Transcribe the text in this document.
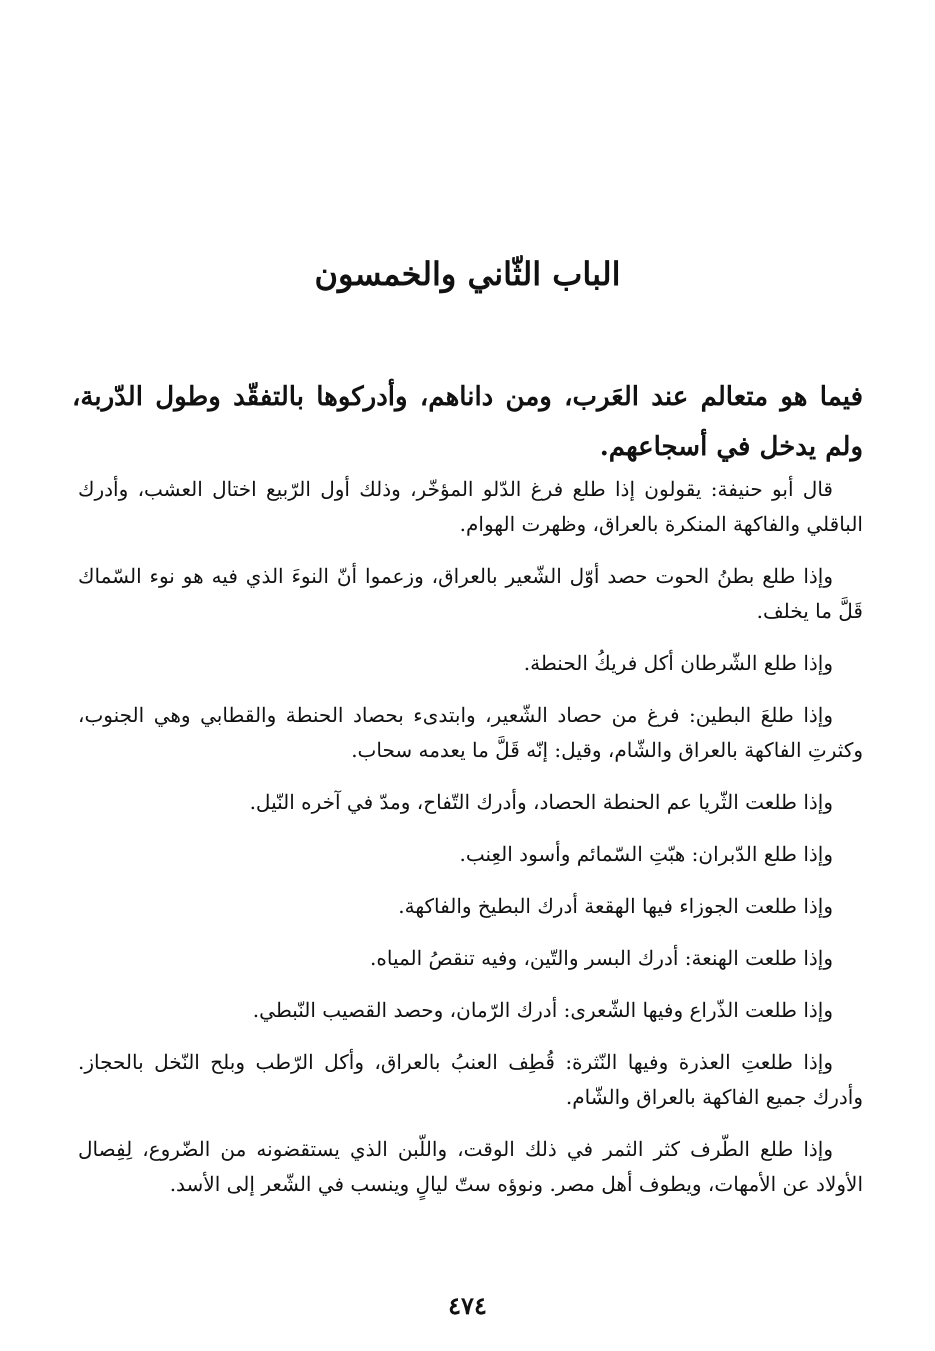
الباب الثّاني والخمسون
فيما هو متعالم عند العَرب، ومن داناهم، وأدركوها بالتفقّد وطول الدّربة، ولم يدخل في أسجاعهم.

قال أبو حنيفة: يقولون إذا طلع فرغ الدّلو المؤخّر، وذلك أول الرّبيع اختال العشب، وأدرك الباقلي والفاكهة المنكرة بالعراق، وظهرت الهوام.

وإذا طلع بطنُ الحوت حصد أوّل الشّعير بالعراق، وزعموا أنّ النوءَ الذي فيه هو نوء السّماك قَلَّ ما يخلف.

وإذا طلع الشّرطان أكل فريكُ الحنطة.

وإذا طلعَ البطين: فرغ من حصاد الشّعير، وابتدىء بحصاد الحنطة والقطابي وهي الجنوب، وكثرتِ الفاكهة بالعراق والشّام، وقيل: إنّه قَلَّ ما يعدمه سحاب.

وإذا طلعت الثّريا عم الحنطة الحصاد، وأدرك التّفاح، ومدّ في آخره النّيل.

وإذا طلع الدّبران: هبّتِ السّمائم وأسود العِنب.

وإذا طلعت الجوزاء فيها الهقعة أدرك البطيخ والفاكهة.

وإذا طلعت الهنعة: أدرك البسر والتّين، وفيه تنقصُ المياه.

وإذا طلعت الذّراع وفيها الشّعرى: أدرك الرّمان، وحصد القصيب النّبطي.

وإذا طلعتِ العذرة وفيها النّثرة: قُطِف العنبُ بالعراق، وأكل الرّطب وبلح النّخل بالحجاز. وأدرك جميع الفاكهة بالعراق والشّام.

وإذا طلع الطّرف كثر الثمر في ذلك الوقت، واللّبن الذي يستقضونه من الضّروع، لِفِصال الأولاد عن الأمهات، ويطوف أهل مصر. ونوؤه ستّ ليالٍ وينسب في الشّعر إلى الأسد.

٤٧٤
